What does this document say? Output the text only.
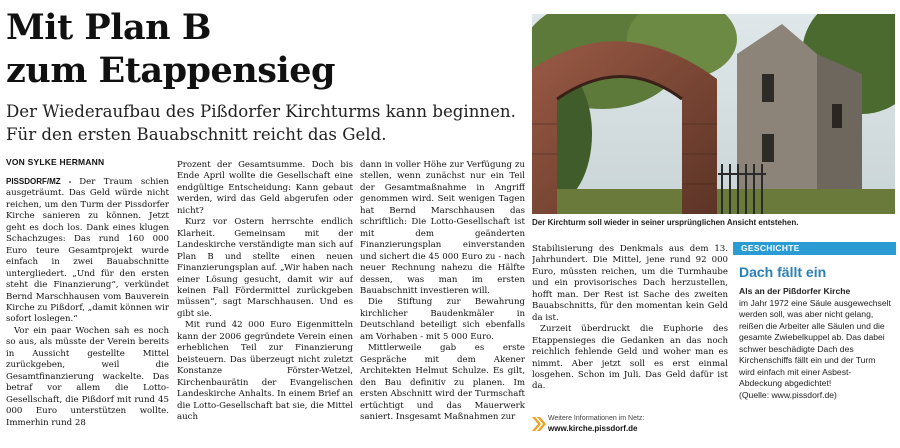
Mit Plan B
zum Etappensieg
Der Wiederaufbau des Pißdorfer Kirchturms kann beginnen.
Für den ersten Bauabschnitt reicht das Geld.
VON SYLKE HERMANN

PISSDORF/MZ - Der Traum schien ausgeträumt. Das Geld würde nicht reichen, um den Turm der Pissdorfer Kirche sanieren zu können. Jetzt geht es doch los. Dank eines klugen Schachzuges: Das rund 160 000 Euro teure Gesamtprojekt wurde einfach in zwei Bauabschnitte untergliedert. „Und für den ersten steht die Finanzierung“, verkündet Bernd Marschhausen vom Bauverein Kirche zu Pißdorf, „damit können wir sofort loslegen.“

Vor ein paar Wochen sah es noch so aus, als müsste der Verein bereits in Aussicht gestellte Mittel zurückgeben, weil die Gesamtfinanzierung wackelte. Das betraf vor allem die Lotto-Gesellschaft, die Pißdorf mit rund 45 000 Euro unterstützen wollte. Immerhin rund 28

Prozent der Gesamtsumme. Doch bis Ende April wollte die Gesellschaft eine endgültige Entscheidung: Kann gebaut werden, wird das Geld abgerufen oder nicht?

Kurz vor Ostern herrschte endlich Klarheit. Gemeinsam mit der Landeskirche verständigte man sich auf Plan B und stellte einen neuen Finanzierungsplan auf. „Wir haben nach einer Lösung gesucht, damit wir auf keinen Fall Fördermittel zurückgeben müssen“, sagt Marschhausen. Und es gibt sie.

Mit rund 42 000 Euro Eigenmitteln kann der 2006 gegründete Verein einen erheblichen Teil zur Finanzierung beisteuern. Das überzeugt nicht zuletzt Konstanze Förster-Wetzel, Kirchenbaurätin der Evangelischen Landeskirche Anhalts. In einem Brief an die Lotto-Gesellschaft bat sie, die Mittel auch

dann in voller Höhe zur Verfügung zu stellen, wenn zunächst nur ein Teil der Gesamtmaßnahme in Angriff genommen wird. Seit wenigen Tagen hat Bernd Marschhausen das schriftlich: Die Lotto-Gesellschaft ist mit dem geänderten Finanzierungsplan einverstanden und sichert die 45 000 Euro zu - nach neuer Rechnung nahezu die Hälfte dessen, was man im ersten Bauabschnitt investieren will.

Die Stiftung zur Bewahrung kirchlicher Baudenkmäler in Deutschland beteiligt sich ebenfalls am Vorhaben - mit 5 000 Euro.

Mittlerweile gab es erste Gespräche mit dem Akener Architekten Helmut Schulze. Es gilt, den Bau definitiv zu planen. Im ersten Abschnitt wird der Turmschaft ertüchtigt und das Mauerwerk saniert. Insgesamt Maßnahmen zur

Der Kirchturm soll wieder in seiner ursprünglichen Ansicht entstehen.

Stabilisierung des Denkmals aus dem 13. Jahrhundert. Die Mittel, jene rund 92 000 Euro, müssten reichen, um die Turmhaube und ein provisorisches Dach herzustellen, hofft man. Der Rest ist Sache des zweiten Bauabschnitts, für den momentan kein Geld da ist.

Zurzeit überdruckt die Euphorie des Etappensieges die Gedanken an das noch reichlich fehlende Geld und woher man es nimmt. Aber jetzt soll es erst einmal losgehen. Schon im Juli. Das Geld dafür ist da.

Weitere Informationen im Netz:
www.kirche.pissdorf.de
GESCHICHTE
Dach fällt ein
Als an der Pißdorfer Kirche
im Jahr 1972 eine Säule ausgewechselt werden soll, was aber nicht gelang, reißen die Arbeiter alle Säulen und die gesamte Zwiebelkuppel ab. Das dabei schwer beschädigte Dach des Kirchenschiffs fällt ein und der Turm wird einfach mit einer Asbest-Abdeckung abgedichtet!
(Quelle: www.pissdorf.de)
